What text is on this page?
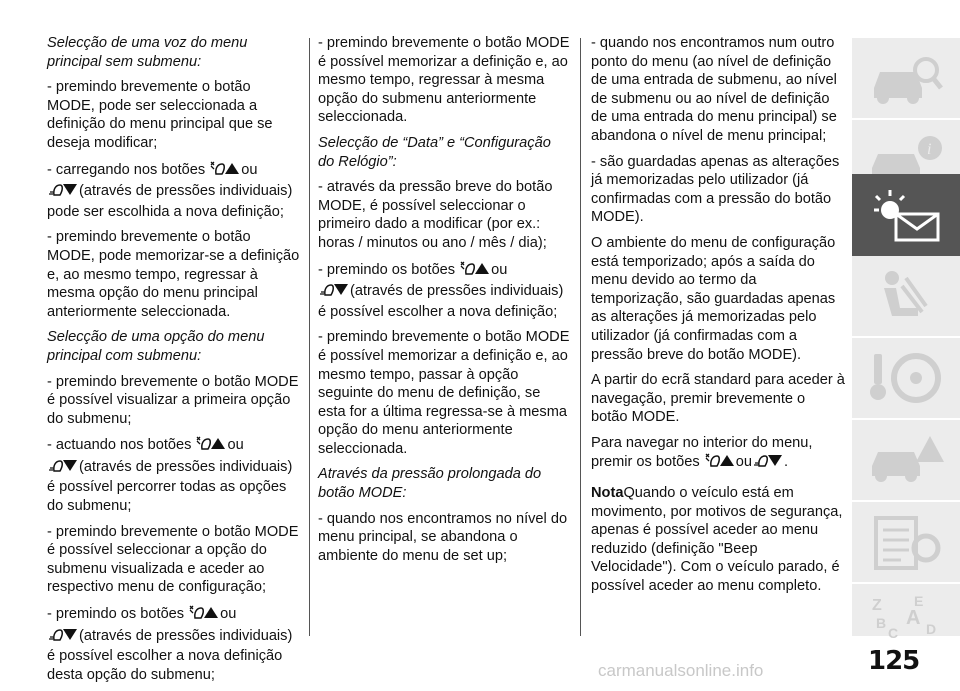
Selecção de uma voz do menu principal sem submenu:

- premindo brevemente o botão MODE, pode ser seleccionada a definição do menu principal que se deseja modificar;

- carregando nos botões ou
(através de pressões individuais) pode ser escolhida a nova definição;

- premindo brevemente o botão MODE, pode memorizar-se a definição e, ao mesmo tempo, regressar à mesma opção do menu principal anteriormente seleccionada.

Selecção de uma opção do menu principal com submenu:

- premindo brevemente o botão MODE é possível visualizar a primeira opção do submenu;

- actuando nos botões ou
(através de pressões individuais) é possível percorrer todas as opções do submenu;

- premindo brevemente o botão MODE é possível seleccionar a opção do submenu visualizada e aceder ao respectivo menu de configuração;

- premindo os botões ou
(através de pressões individuais) é possível escolher a nova definição desta opção do submenu;

- premindo brevemente o botão MODE é possível memorizar a definição e, ao mesmo tempo, regressar à mesma opção do submenu anteriormente seleccionada.

Selecção de “Data” e “Configuração do Relógio”:

- através da pressão breve do botão MODE, é possível seleccionar o primeiro dado a modificar (por ex.: horas / minutos ou ano / mês / dia);

- premindo os botões ou
(através de pressões individuais) é possível escolher a nova definição;

- premindo brevemente o botão MODE é possível memorizar a definição e, ao mesmo tempo, passar à opção seguinte do menu de definição, se esta for a última regressa-se à mesma opção do menu anteriormente seleccionada.

Através da pressão prolongada do botão MODE:

- quando nos encontramos no nível do menu principal, se abandona o ambiente do menu de set up;

- quando nos encontramos num outro ponto do menu (ao nível de definição de uma entrada de submenu, ao nível de submenu ou ao nível de definição de uma entrada do menu principal) se abandona o nível de menu principal;

- são guardadas apenas as alterações já memorizadas pelo utilizador (já confirmadas com a pressão do botão MODE).

O ambiente do menu de configuração está temporizado; após a saída do menu devido ao termo da temporização, são guardadas apenas as alterações já memorizadas pelo utilizador (já confirmadas com a pressão breve do botão MODE).

A partir do ecrã standard para aceder à navegação, premir brevemente o botão MODE.

Para navegar no interior do menu, premir os botões ou .

NotaQuando o veículo está em movimento, por motivos de segurança, apenas é possível aceder ao menu reduzido (definição "Beep Velocidade"). Com o veículo parado, é possível aceder ao menu completo.

i
Z E
B A D
C
125
carmanualsonline.info
